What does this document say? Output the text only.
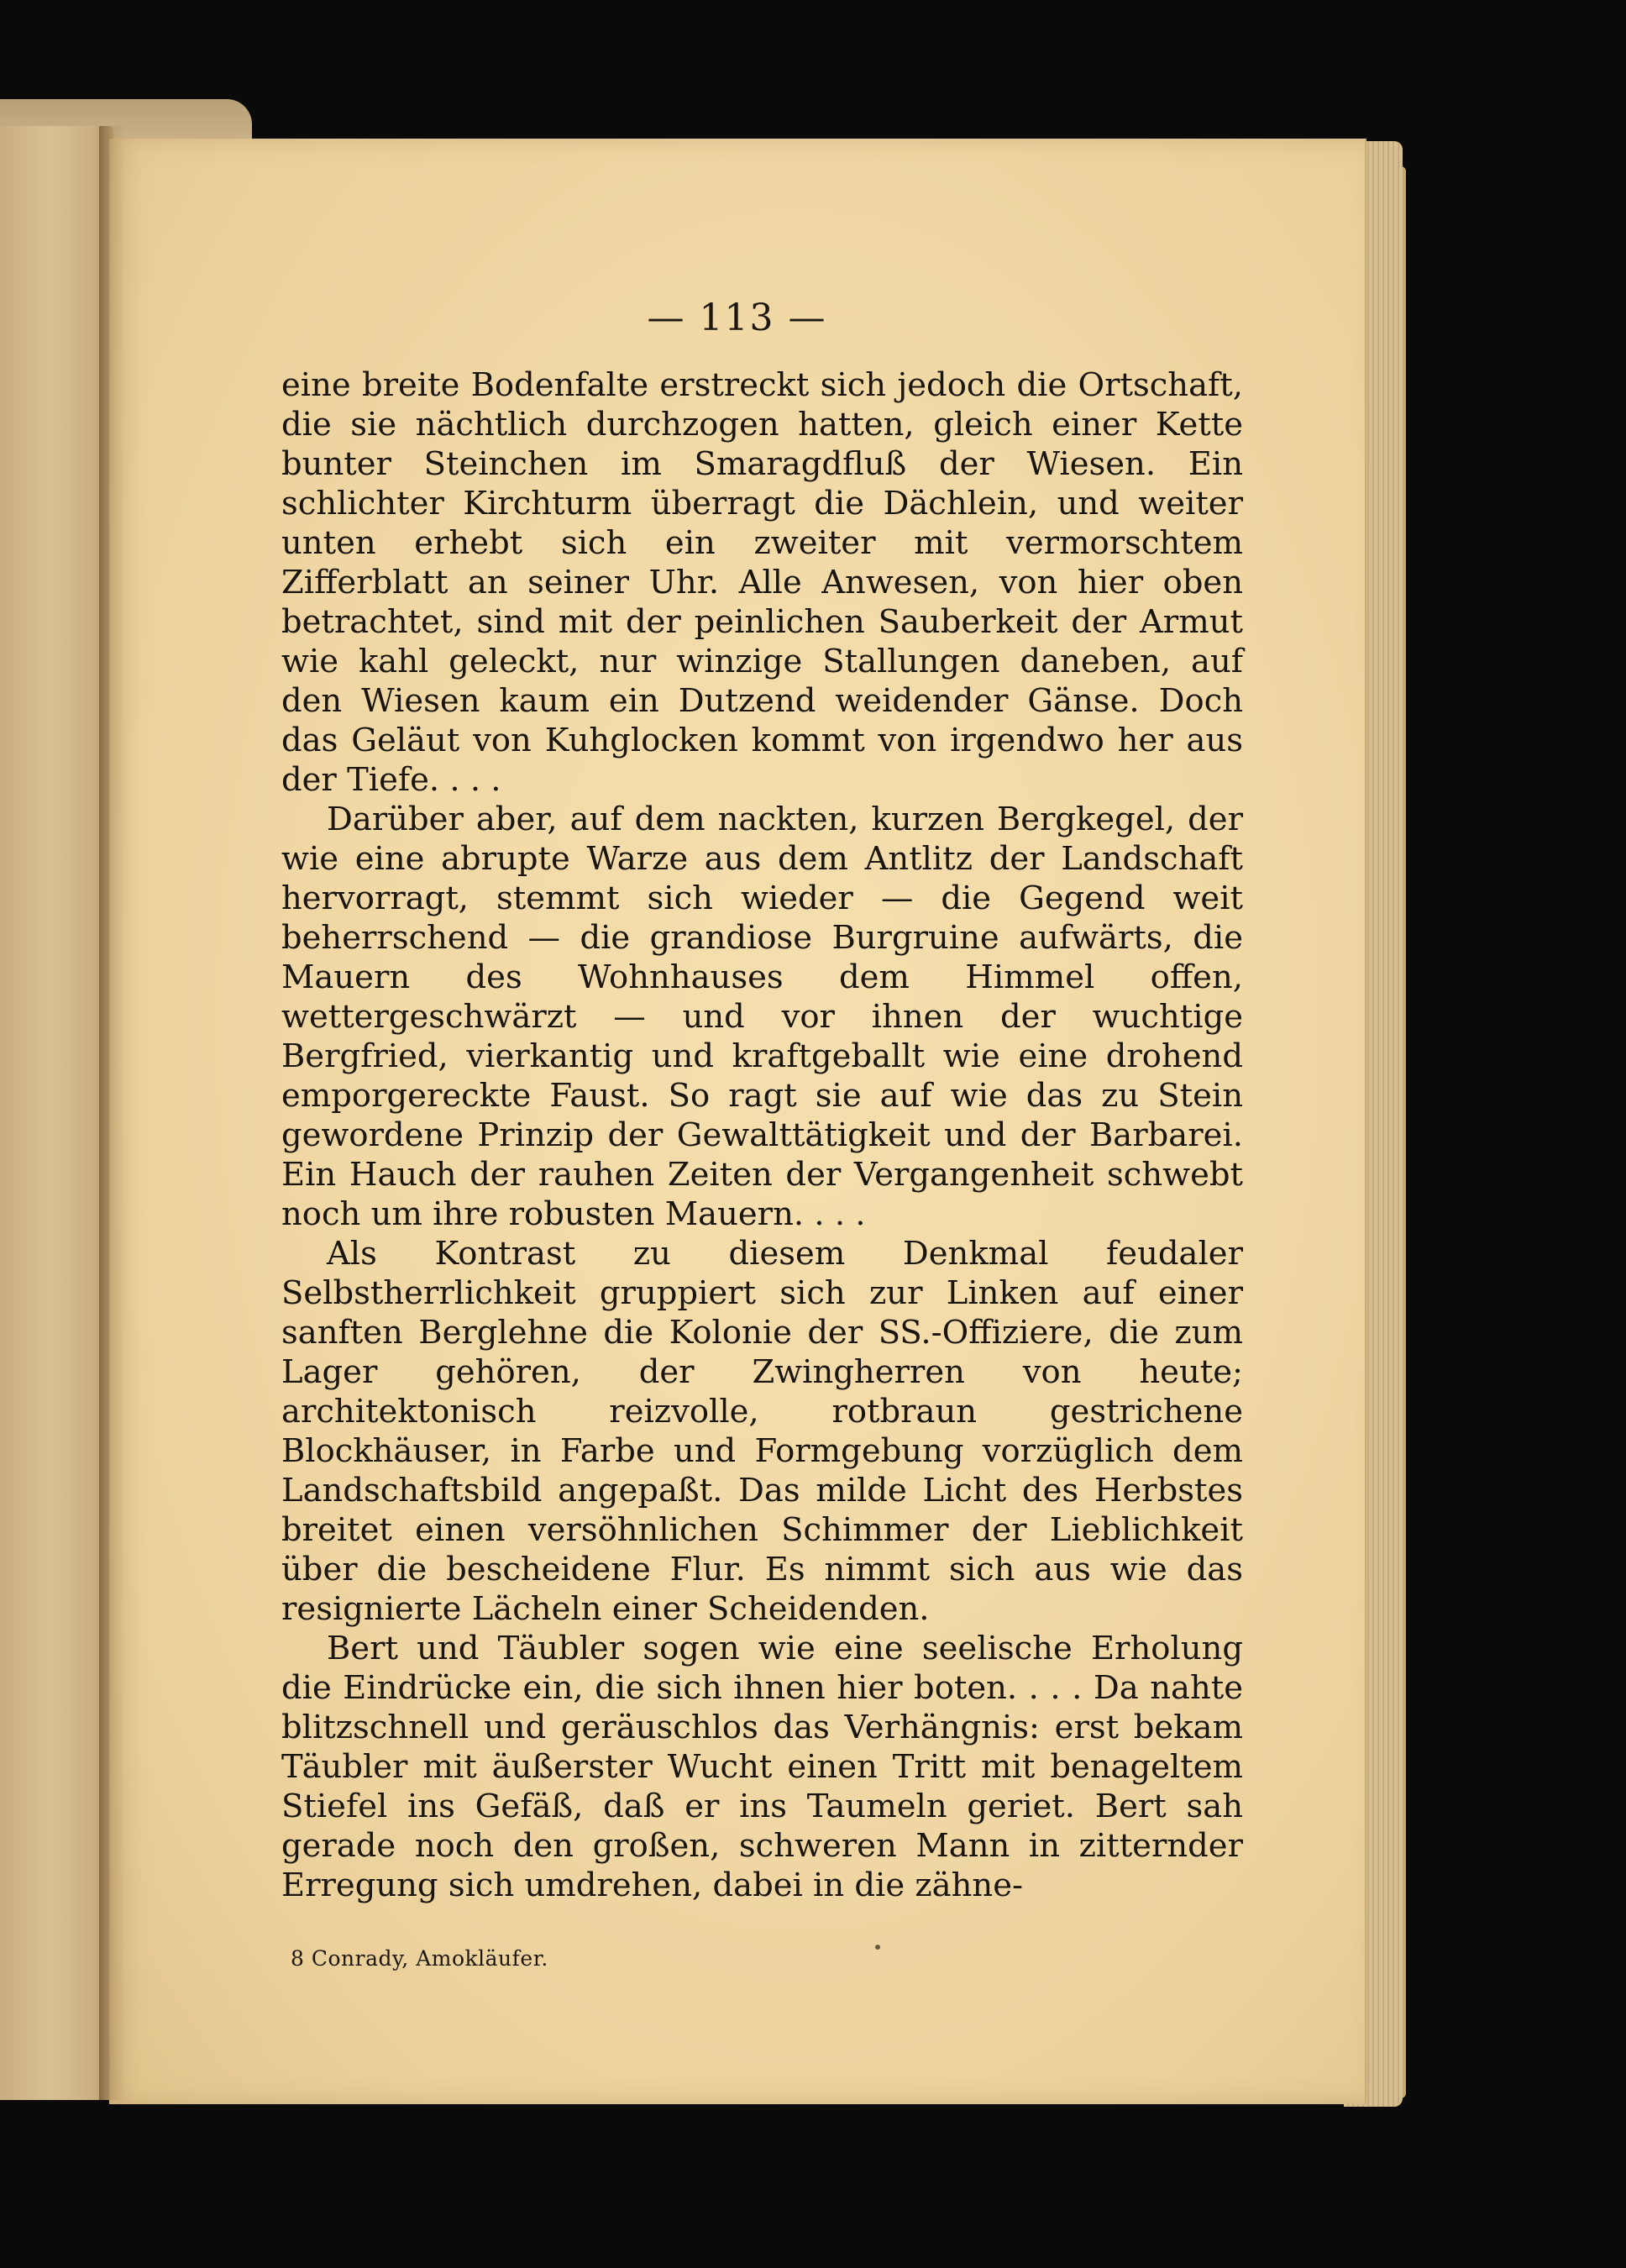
— 113 —

eine breite Bodenfalte erstreckt sich jedoch die Ortschaft, die sie nächtlich durchzogen hatten, gleich einer Kette bunter Steinchen im Smaragdfluß der Wiesen. Ein schlichter Kirchturm überragt die Dächlein, und weiter unten erhebt sich ein zweiter mit vermorschtem Zifferblatt an seiner Uhr. Alle Anwesen, von hier oben betrachtet, sind mit der peinlichen Sauberkeit der Armut wie kahl geleckt, nur winzige Stallungen daneben, auf den Wiesen kaum ein Dutzend weidender Gänse. Doch das Geläut von Kuhglocken kommt von irgendwo her aus der Tiefe. . . .

Darüber aber, auf dem nackten, kurzen Bergkegel, der wie eine abrupte Warze aus dem Antlitz der Landschaft hervorragt, stemmt sich wieder — die Gegend weit beherrschend — die grandiose Burgruine aufwärts, die Mauern des Wohnhauses dem Himmel offen, wettergeschwärzt — und vor ihnen der wuchtige Bergfried, vierkantig und kraftgeballt wie eine drohend emporgereckte Faust. So ragt sie auf wie das zu Stein gewordene Prinzip der Gewalttätigkeit und der Barbarei. Ein Hauch der rauhen Zeiten der Vergangenheit schwebt noch um ihre robusten Mauern. . . .

Als Kontrast zu diesem Denkmal feudaler Selbstherrlichkeit gruppiert sich zur Linken auf einer sanften Berglehne die Kolonie der SS.-Offiziere, die zum Lager gehören, der Zwingherren von heute; architektonisch reizvolle, rotbraun gestrichene Blockhäuser, in Farbe und Formgebung vorzüglich dem Landschaftsbild angepaßt. Das milde Licht des Herbstes breitet einen versöhnlichen Schimmer der Lieblichkeit über die bescheidene Flur. Es nimmt sich aus wie das resignierte Lächeln einer Scheidenden.

Bert und Täubler sogen wie eine seelische Erholung die Eindrücke ein, die sich ihnen hier boten. . . . Da nahte blitzschnell und geräuschlos das Verhängnis: erst bekam Täubler mit äußerster Wucht einen Tritt mit benageltem Stiefel ins Gefäß, daß er ins Taumeln geriet. Bert sah gerade noch den großen, schweren Mann in zitternder Erregung sich umdrehen, dabei in die zähne-

8 Conrady, Amokläufer.
